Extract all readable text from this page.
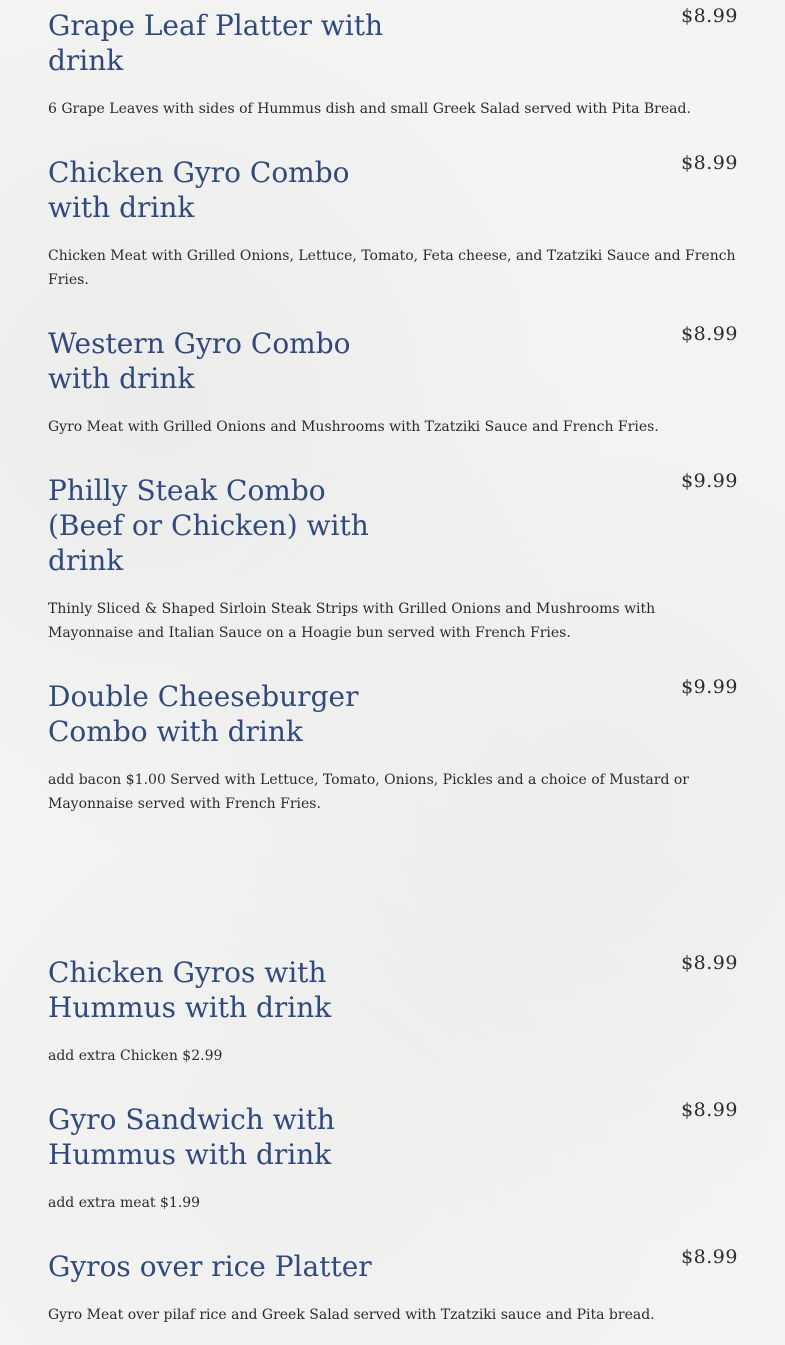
Grape Leaf Platter with drink
$8.99

6 Grape Leaves with sides of Hummus dish and small Greek Salad served with Pita Bread.

Chicken Gyro Combo with drink
$8.99

Chicken Meat with Grilled Onions, Lettuce, Tomato, Feta cheese, and Tzatziki Sauce and French Fries.

Western Gyro Combo with drink
$8.99

Gyro Meat with Grilled Onions and Mushrooms with Tzatziki Sauce and French Fries.

Philly Steak Combo (Beef or Chicken) with drink
$9.99

Thinly Sliced & Shaped Sirloin Steak Strips with Grilled Onions and Mushrooms with Mayonnaise and Italian Sauce on a Hoagie bun served with French Fries.

Double Cheeseburger Combo with drink
$9.99

add bacon $1.00 Served with Lettuce, Tomato, Onions, Pickles and a choice of Mustard or Mayonnaise served with French Fries.

Chicken Gyros with Hummus with drink
$8.99

add extra Chicken $2.99

Gyro Sandwich with Hummus with drink
$8.99

add extra meat $1.99

Gyros over rice Platter	$8.99

Gyro Meat over pilaf rice and Greek Salad served with Tzatziki sauce and Pita bread.
